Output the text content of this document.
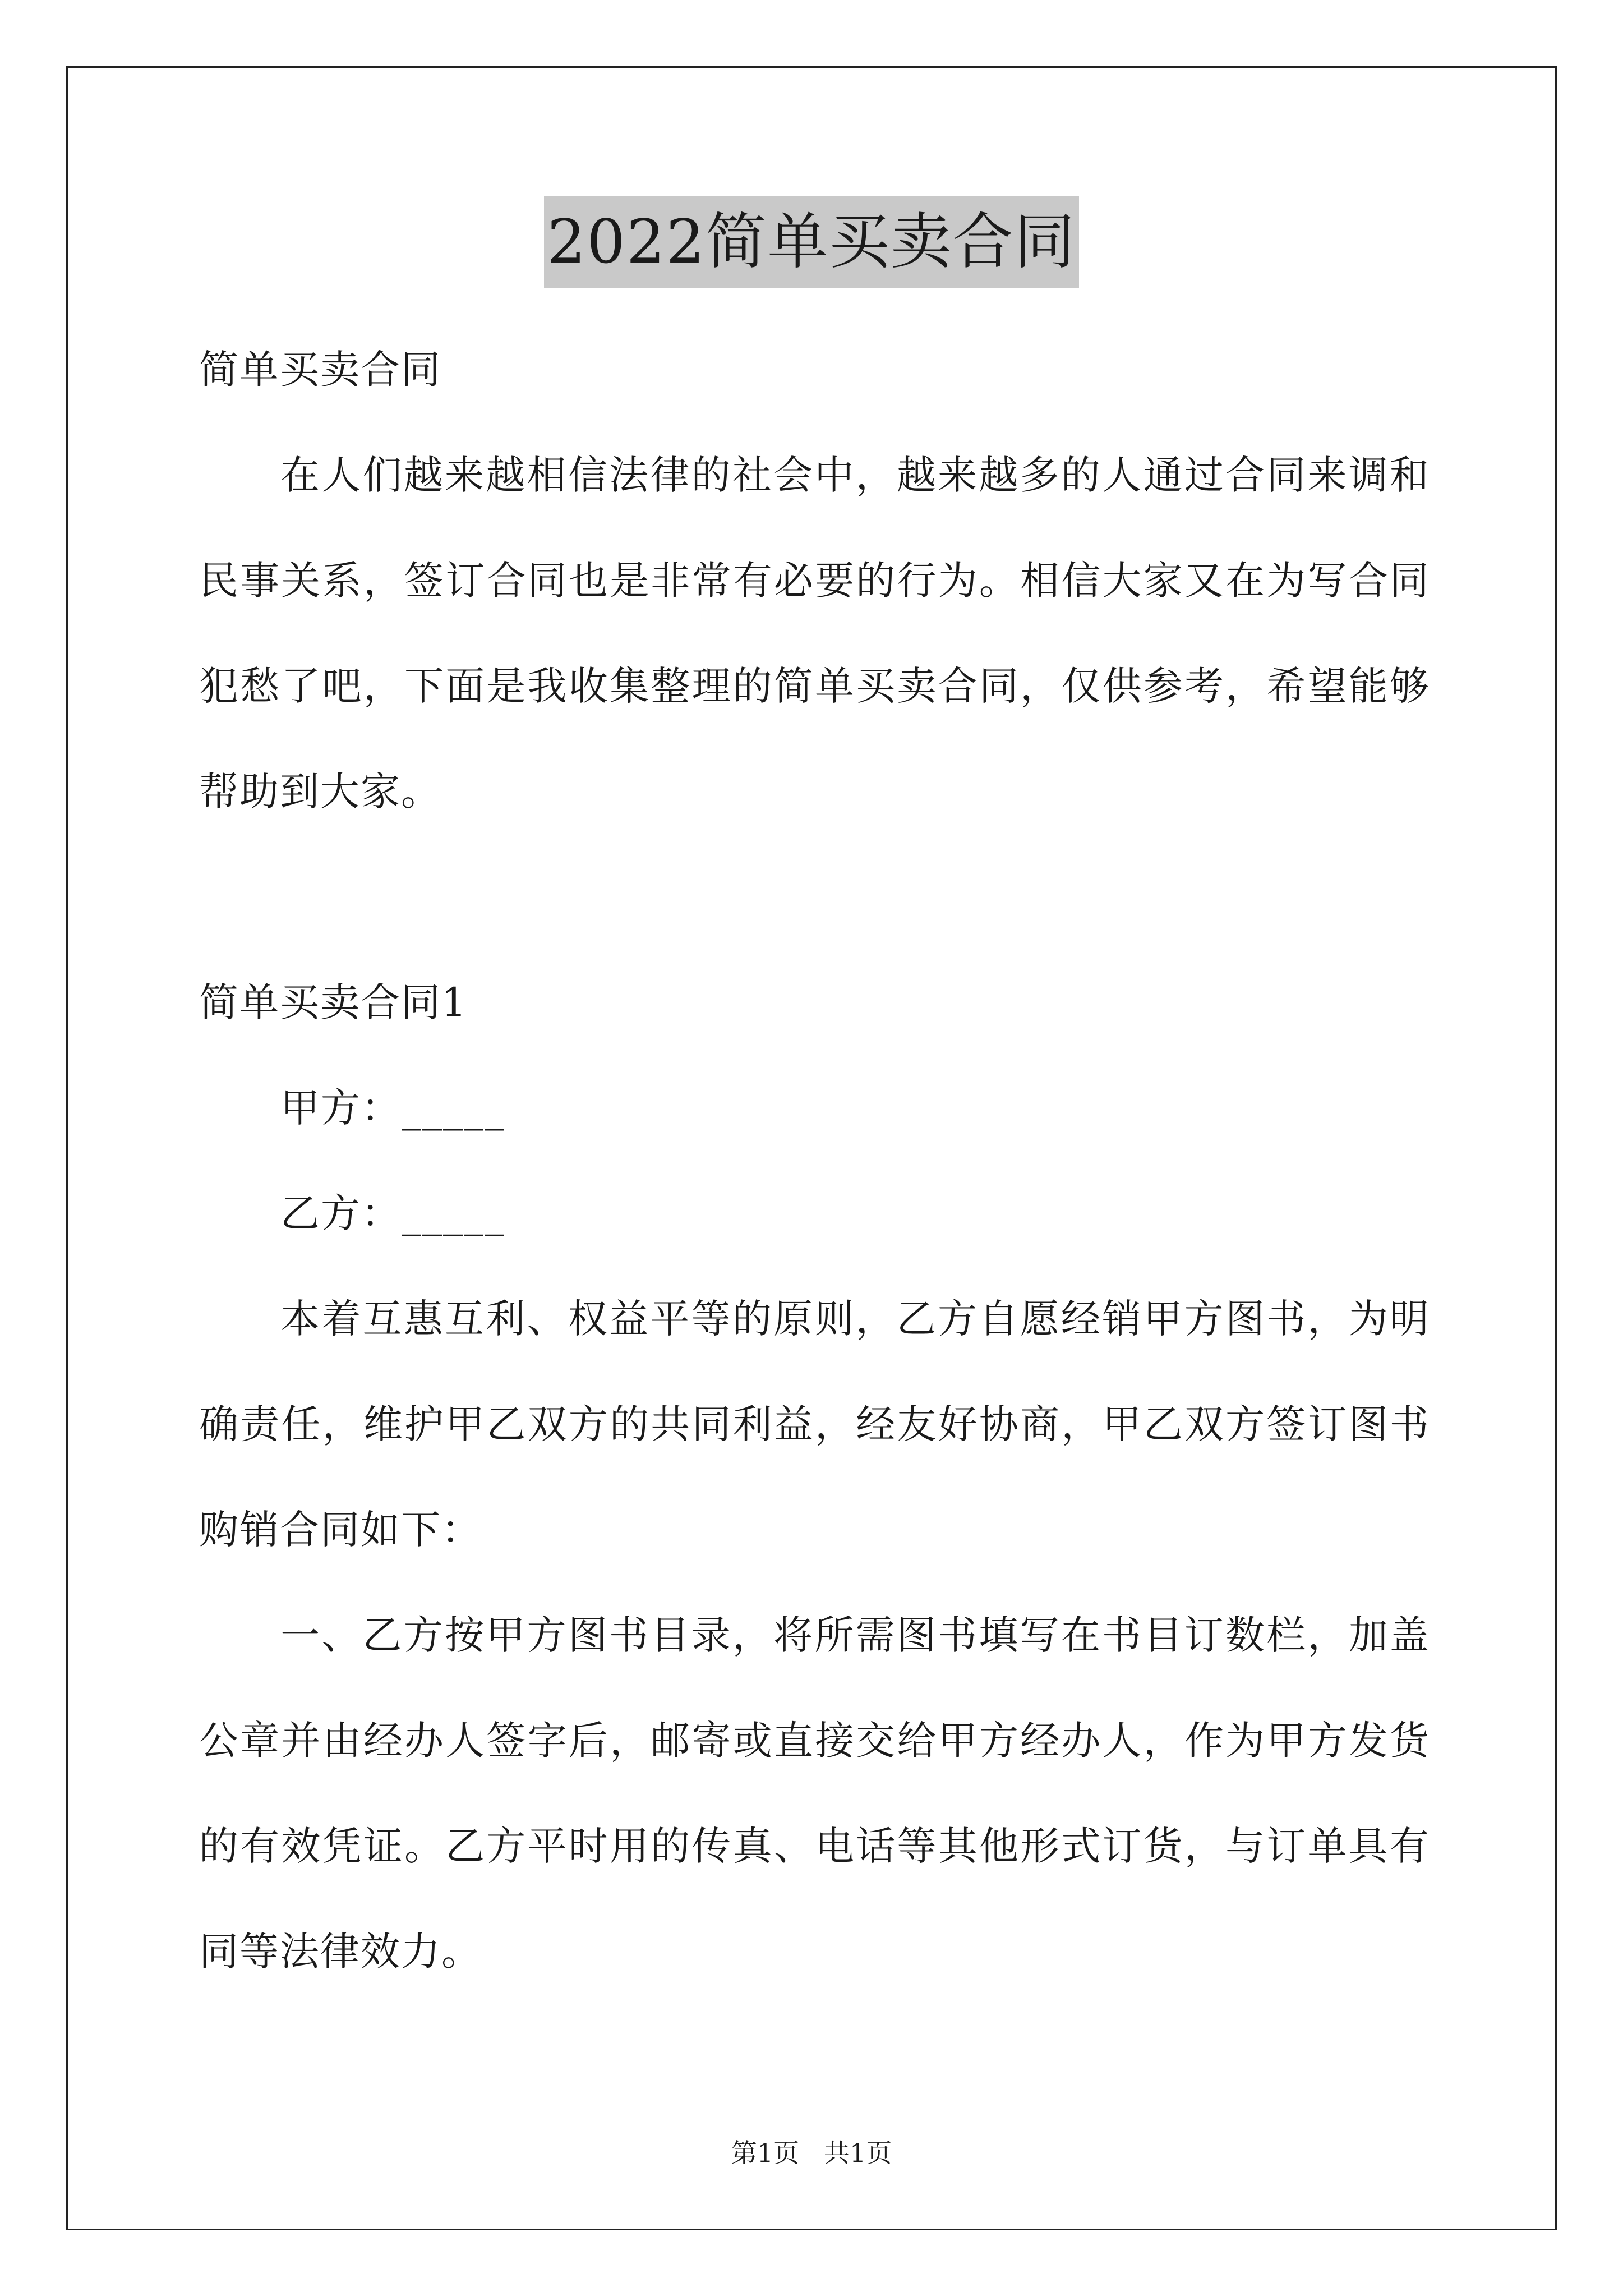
2022简单买卖合同

简单买卖合同

在人们越来越相信法律的社会中，越来越多的人通过合同来调和民事关系，签订合同也是非常有必要的行为。相信大家又在为写合同犯愁了吧，下面是我收集整理的简单买卖合同，仅供参考，希望能够帮助到大家。

简单买卖合同1

甲方：_____

乙方：_____

本着互惠互利、权益平等的原则，乙方自愿经销甲方图书，为明确责任，维护甲乙双方的共同利益，经友好协商，甲乙双方签订图书购销合同如下：

一、乙方按甲方图书目录，将所需图书填写在书目订数栏，加盖公章并由经办人签字后，邮寄或直接交给甲方经办人，作为甲方发货的有效凭证。乙方平时用的传真、电话等其他形式订货，与订单具有同等法律效力。

第1页 共1页
